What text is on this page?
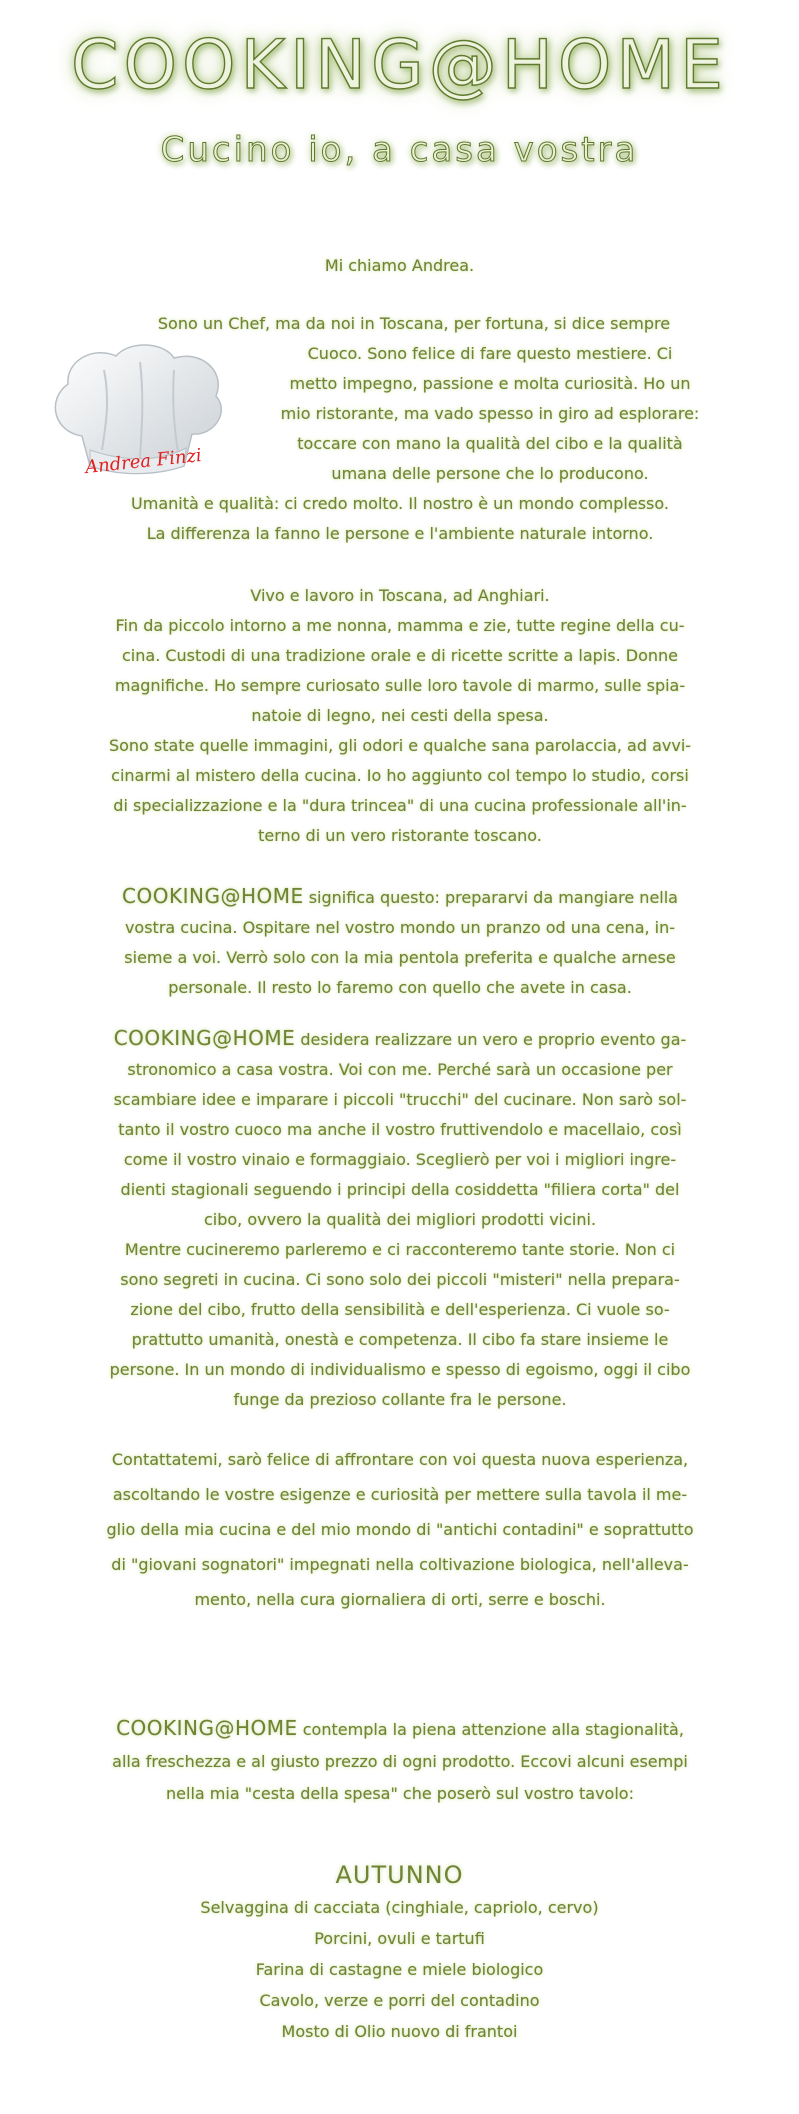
COOKING@HOME
Cucino io, a casa vostra

Mi chiamo Andrea.

Andrea Finzi

Sono un Chef, ma da noi in Toscana, per fortuna, si dice sempre

Cuoco. Sono felice di fare questo mestiere. Ci

metto impegno, passione e molta curiosità. Ho un

mio ristorante, ma vado spesso in giro ad esplorare:

toccare con mano la qualità del cibo e la qualità

umana delle persone che lo producono.

Umanità e qualità: ci credo molto. Il nostro è un mondo complesso.

La differenza la fanno le persone e l'ambiente naturale intorno.

Vivo e lavoro in Toscana, ad Anghiari.

Fin da piccolo intorno a me nonna, mamma e zie, tutte regine della cu-

cina. Custodi di una tradizione orale e di ricette scritte a lapis. Donne

magnifiche. Ho sempre curiosato sulle loro tavole di marmo, sulle spia-

natoie di legno, nei cesti della spesa.

Sono state quelle immagini, gli odori e qualche sana parolaccia, ad avvi-

cinarmi al mistero della cucina. Io ho aggiunto col tempo lo studio, corsi

di specializzazione e la "dura trincea" di una cucina professionale all'in-

terno di un vero ristorante toscano.

COOKING@HOME significa questo: prepararvi da mangiare nella

vostra cucina. Ospitare nel vostro mondo un pranzo od una cena, in-

sieme a voi. Verrò solo con la mia pentola preferita e qualche arnese

personale. Il resto lo faremo con quello che avete in casa.

COOKING@HOME desidera realizzare un vero e proprio evento ga-

stronomico a casa vostra. Voi con me. Perché sarà un occasione per

scambiare idee e imparare i piccoli "trucchi" del cucinare. Non sarò sol-

tanto il vostro cuoco ma anche il vostro fruttivendolo e macellaio, così

come il vostro vinaio e formaggiaio. Sceglierò per voi i migliori ingre-

dienti stagionali seguendo i principi della cosiddetta "filiera corta" del

cibo, ovvero la qualità dei migliori prodotti vicini.

Mentre cucineremo parleremo e ci racconteremo tante storie. Non ci

sono segreti in cucina. Ci sono solo dei piccoli "misteri" nella prepara-

zione del cibo, frutto della sensibilità e dell'esperienza. Ci vuole so-

prattutto umanità, onestà e competenza. Il cibo fa stare insieme le

persone. In un mondo di individualismo e spesso di egoismo, oggi il cibo

funge da prezioso collante fra le persone.

Contattatemi, sarò felice di affrontare con voi questa nuova esperienza,

ascoltando le vostre esigenze e curiosità per mettere sulla tavola il me-

glio della mia cucina e del mio mondo di "antichi contadini" e soprattutto

di "giovani sognatori" impegnati nella coltivazione biologica, nell'alleva-

mento, nella cura giornaliera di orti, serre e boschi.

COOKING@HOME contempla la piena attenzione alla stagionalità,

alla freschezza e al giusto prezzo di ogni prodotto. Eccovi alcuni esempi

nella mia "cesta della spesa" che poserò sul vostro tavolo:

AUTUNNO

Selvaggina di cacciata (cinghiale, capriolo, cervo)

Porcini, ovuli e tartufi

Farina di castagne e miele biologico

Cavolo, verze e porri del contadino

Mosto di Olio nuovo di frantoi
